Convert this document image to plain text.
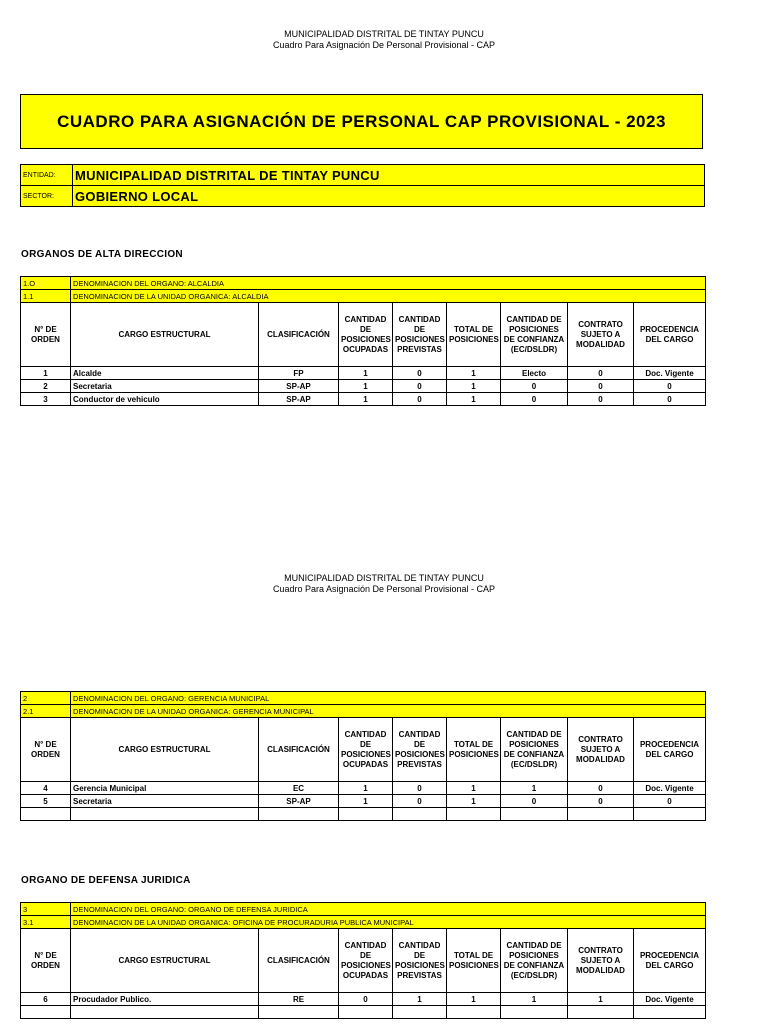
MUNICIPALIDAD DISTRITAL DE TINTAY PUNCU
Cuadro Para Asignación De Personal Provisional - CAP
CUADRO PARA ASIGNACIÓN DE PERSONAL CAP PROVISIONAL - 2023
ENTIDAD:	MUNICIPALIDAD DISTRITAL DE TINTAY PUNCU
SECTOR:	GOBIERNO LOCAL
ORGANOS DE ALTA DIRECCION
1.O	DENOMINACION DEL ORGANO: ALCALDIA							
1.1	DENOMINACION DE LA UNIDAD ORGANICA: ALCALDIA							
N° DE ORDEN	CARGO ESTRUCTURAL	CLASIFICACIÓN	CANTIDAD DE POSICIONES OCUPADAS	CANTIDAD DE POSICIONES PREVISTAS	TOTAL DE POSICIONES	CANTIDAD DE POSICIONES DE CONFIANZA (EC/DSLDR)	CONTRATO SUJETO A MODALIDAD	PROCEDENCIA DEL CARGO
1	Alcalde	FP	1	0	1	Electo	0	Doc. Vigente
2	Secretaria	SP-AP	1	0	1	0	0	0
3	Conductor de vehiculo	SP-AP	1	0	1	0	0	0
MUNICIPALIDAD DISTRITAL DE TINTAY PUNCU
Cuadro Para Asignación De Personal Provisional - CAP
2	DENOMINACION DEL ORGANO: GERENCIA MUNICIPAL							
2.1	DENOMINACION DE LA UNIDAD ORGANICA: GERENCIA MUNICIPAL							
N° DE ORDEN	CARGO ESTRUCTURAL	CLASIFICACIÓN	CANTIDAD DE POSICIONES OCUPADAS	CANTIDAD DE POSICIONES PREVISTAS	TOTAL DE POSICIONES	CANTIDAD DE POSICIONES DE CONFIANZA (EC/DSLDR)	CONTRATO SUJETO A MODALIDAD	PROCEDENCIA DEL CARGO
4	Gerencia Municipal	EC	1	0	1	1	0	Doc. Vigente
5	Secretaria	SP-AP	1	0	1	0	0	0

ORGANO DE DEFENSA JURIDICA
3	DENOMINACION DEL ORGANO: ORGANO DE DEFENSA JURIDICA							
3.1	DENOMINACION DE LA UNIDAD ORGANICA: OFICINA DE PROCURADURIA PUBLICA MUNICIPAL							
N° DE ORDEN	CARGO ESTRUCTURAL	CLASIFICACIÓN	CANTIDAD DE POSICIONES OCUPADAS	CANTIDAD DE POSICIONES PREVISTAS	TOTAL DE POSICIONES	CANTIDAD DE POSICIONES DE CONFIANZA (EC/DSLDR)	CONTRATO SUJETO A MODALIDAD	PROCEDENCIA DEL CARGO
6	Procudador Publico.	RE	0	1	1	1	1	Doc. Vigente
